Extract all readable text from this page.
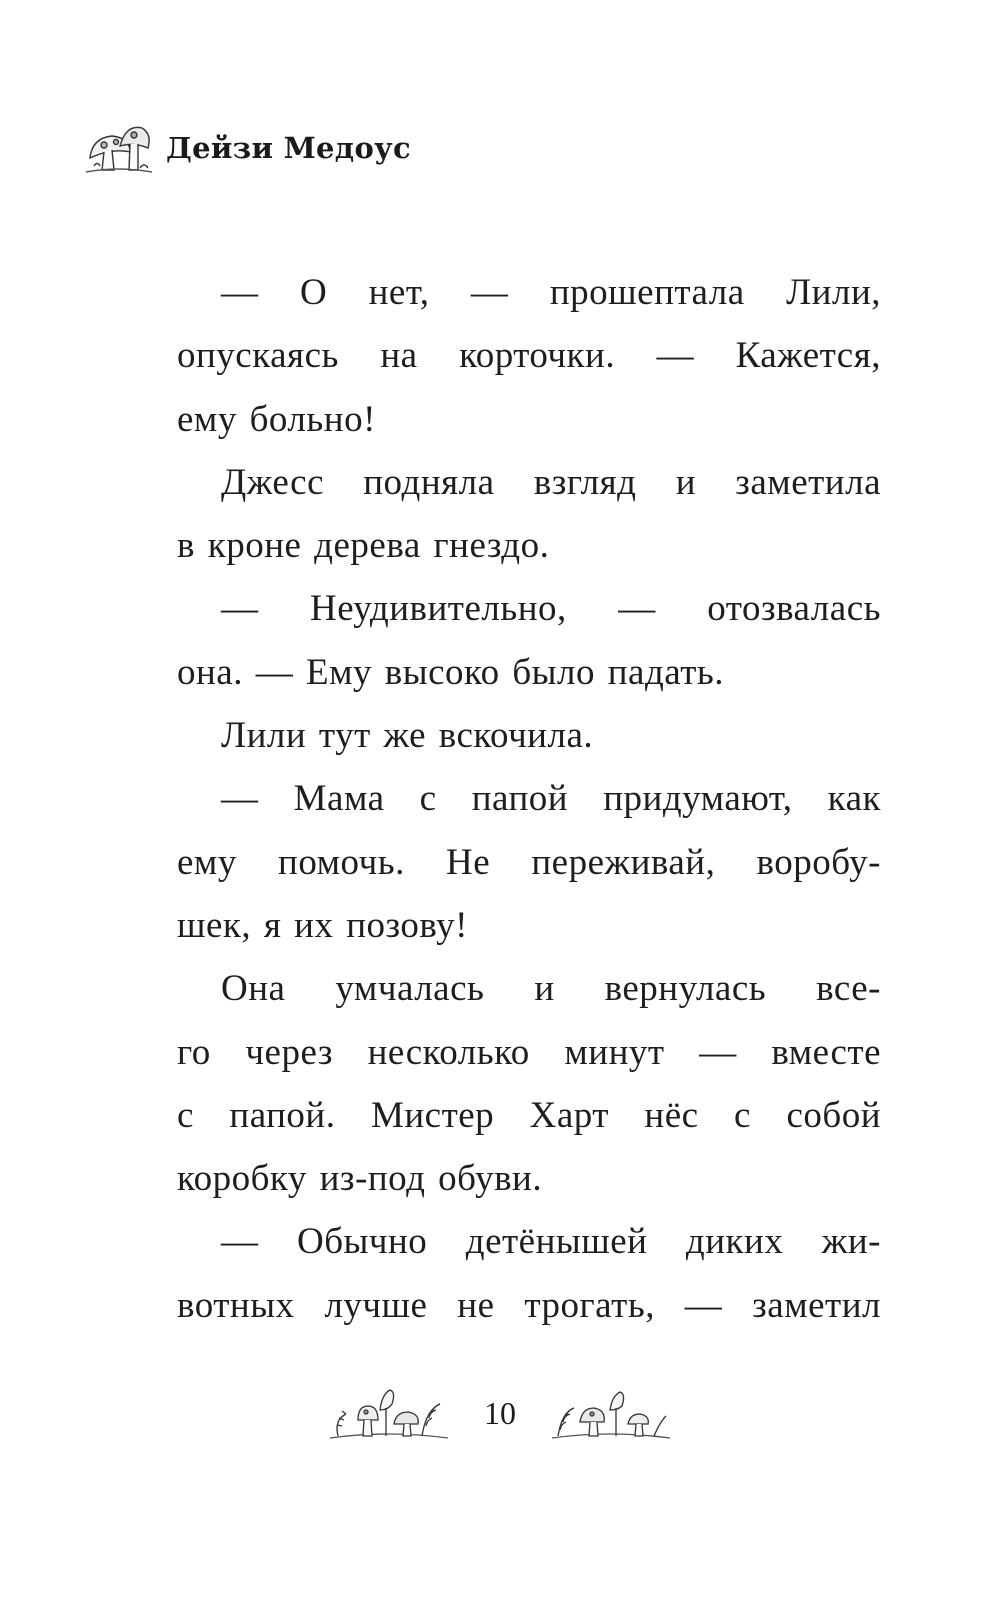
Дейзи Медоус
— О нет, — прошептала Лили,
опускаясь на корточки. — Кажется,
ему больно!
Джесс подняла взгляд и заметила
в кроне дерева гнездо.
— Неудивительно, — отозвалась
она. — Ему высоко было падать.
Лили тут же вскочила.
— Мама с папой придумают, как
ему помочь. Не переживай, воробу-
шек, я их позову!
Она умчалась и вернулась все-
го через несколько минут — вместе
с папой. Мистер Харт нёс с собой
коробку из-под обуви.
— Обычно детёнышей диких жи-
вотных лучше не трогать, — заметил
10
